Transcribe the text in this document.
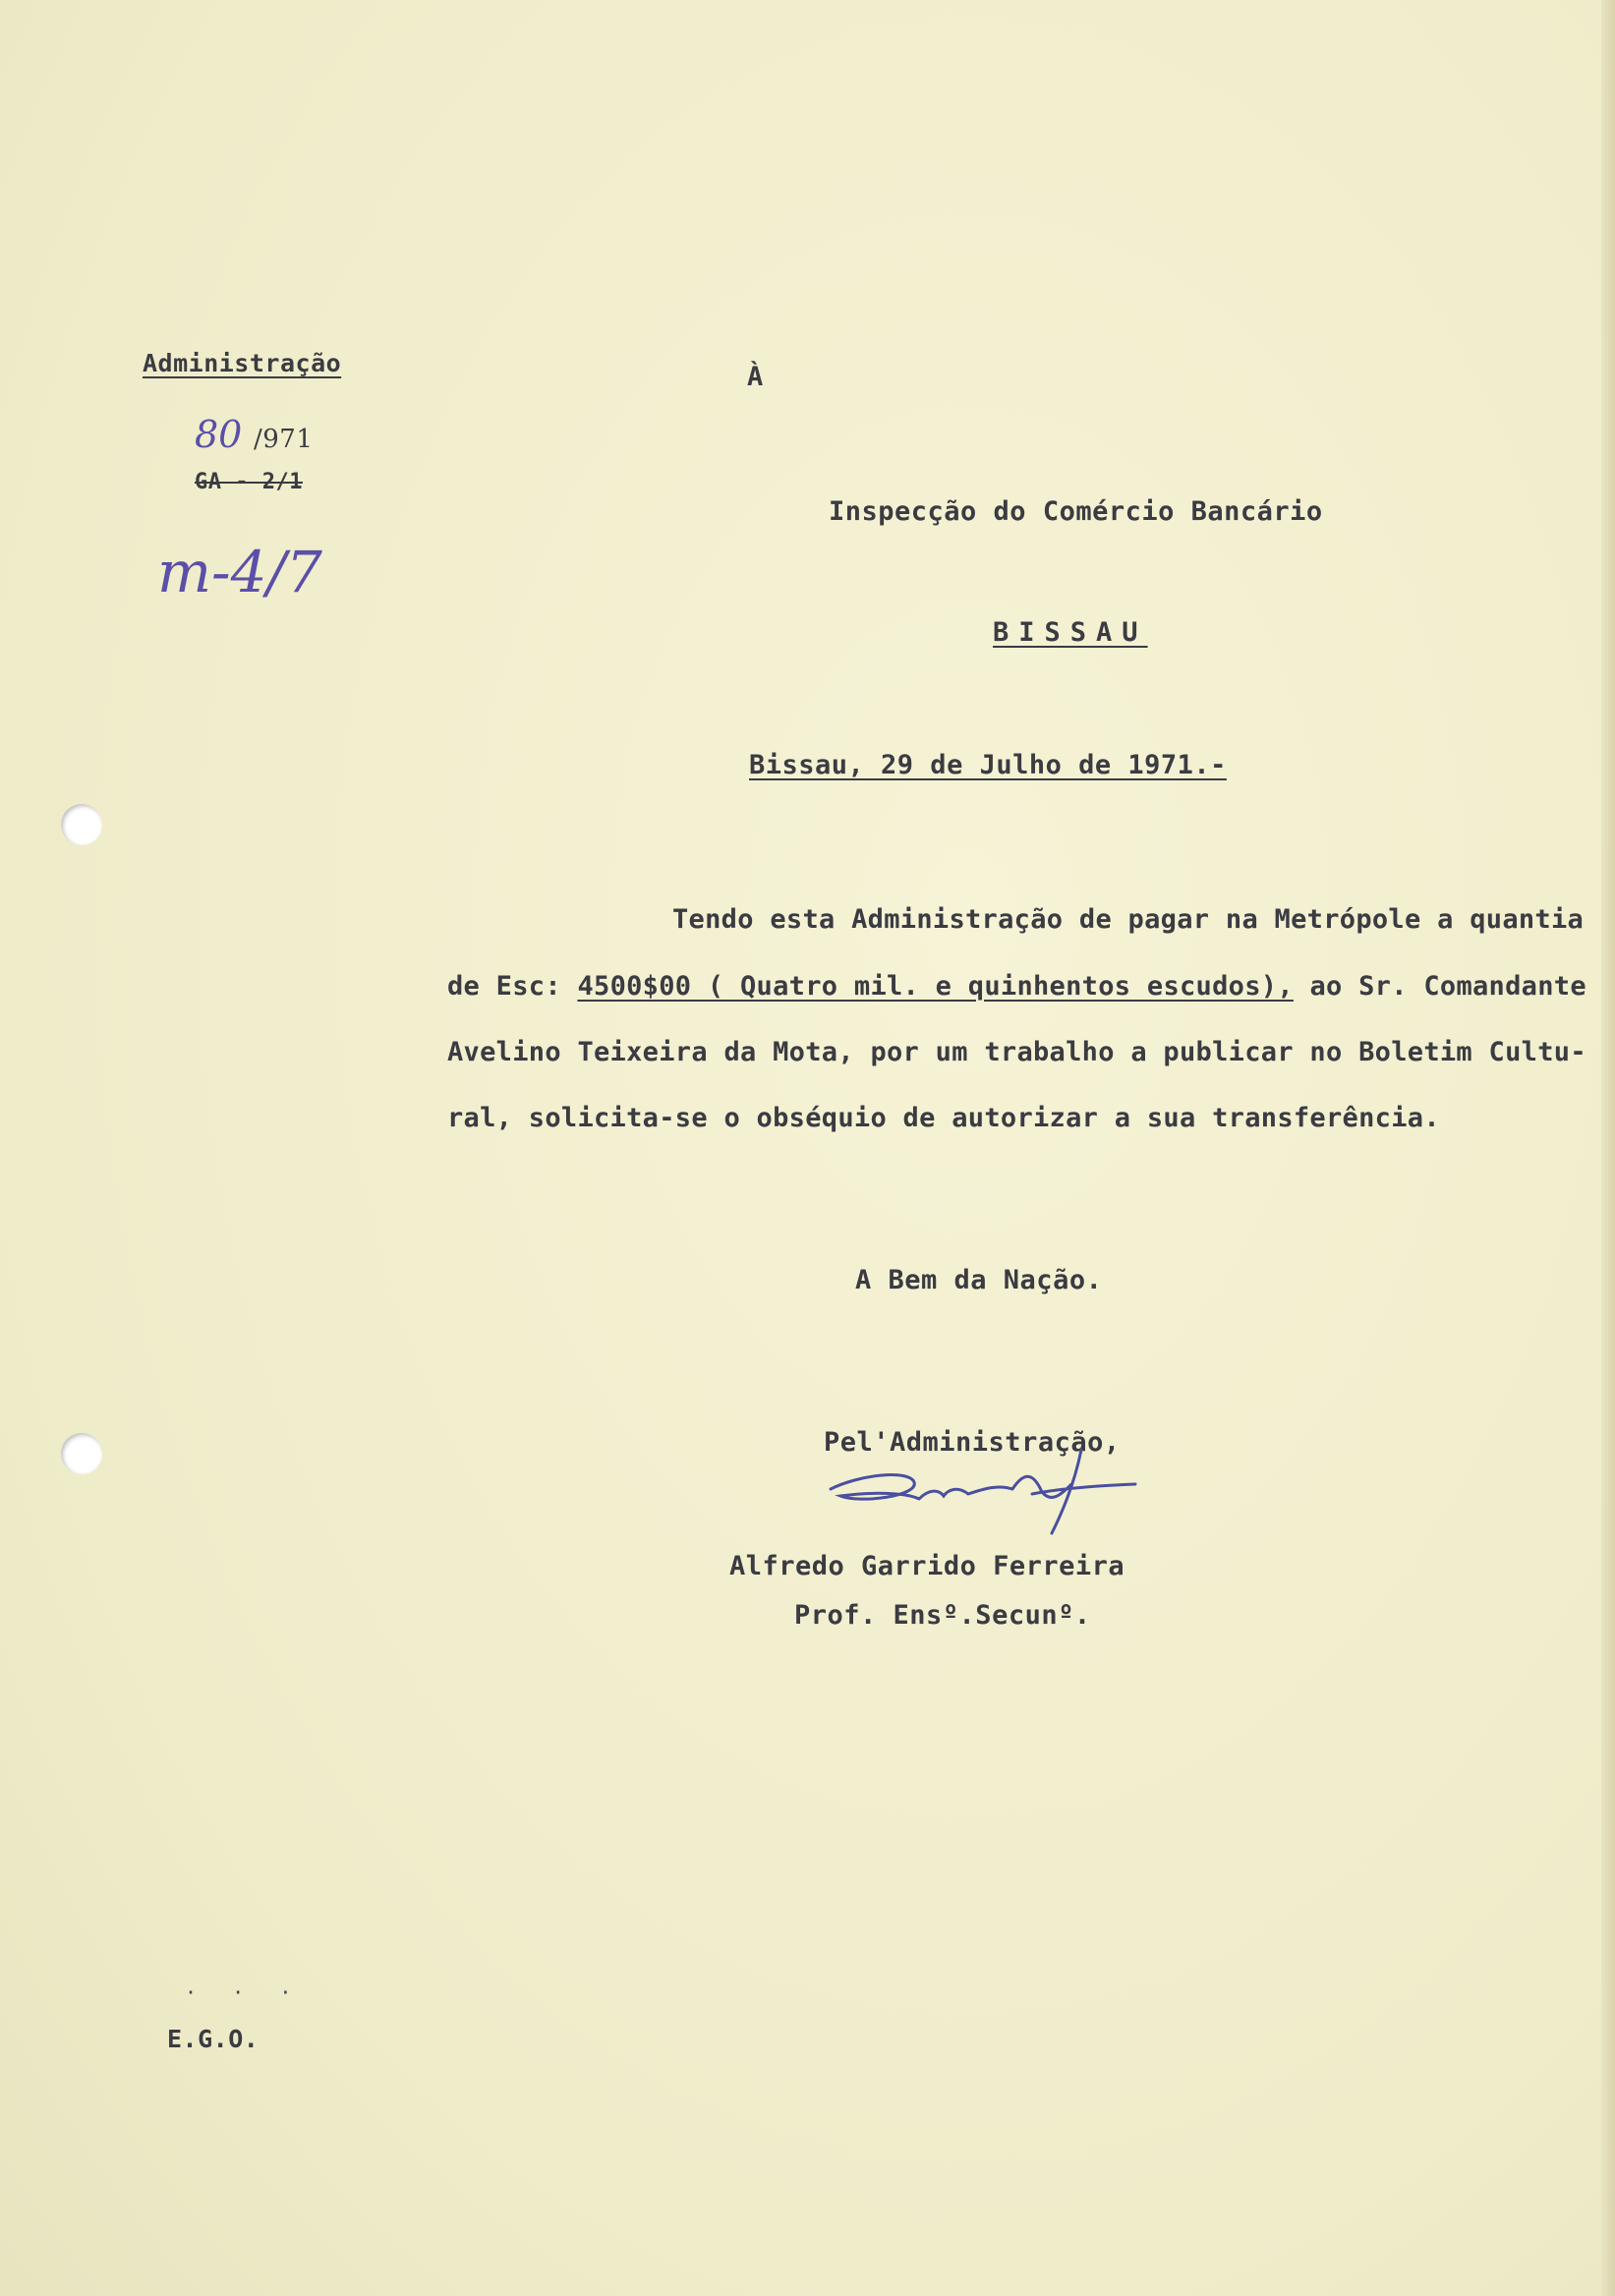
Administração
80 /971
GA - 2/1
m-4/7
À
Inspecção do Comércio Bancário
BISSAU
Bissau, 29 de Julho de 1971.-
Tendo esta Administração de pagar na Metrópole a quantia
de Esc: 4500$00 ( Quatro mil. e quinhentos escudos), ao Sr. Comandante
Avelino Teixeira da Mota, por um trabalho a publicar no Boletim Cultu-
ral, solicita-se o obséquio de autorizar a sua transferência.
A Bem da Nação.
Pel'Administração,
Alfredo Garrido Ferreira
Prof. Ensº.Secunº.
·   ·   ·
E.G.O.
